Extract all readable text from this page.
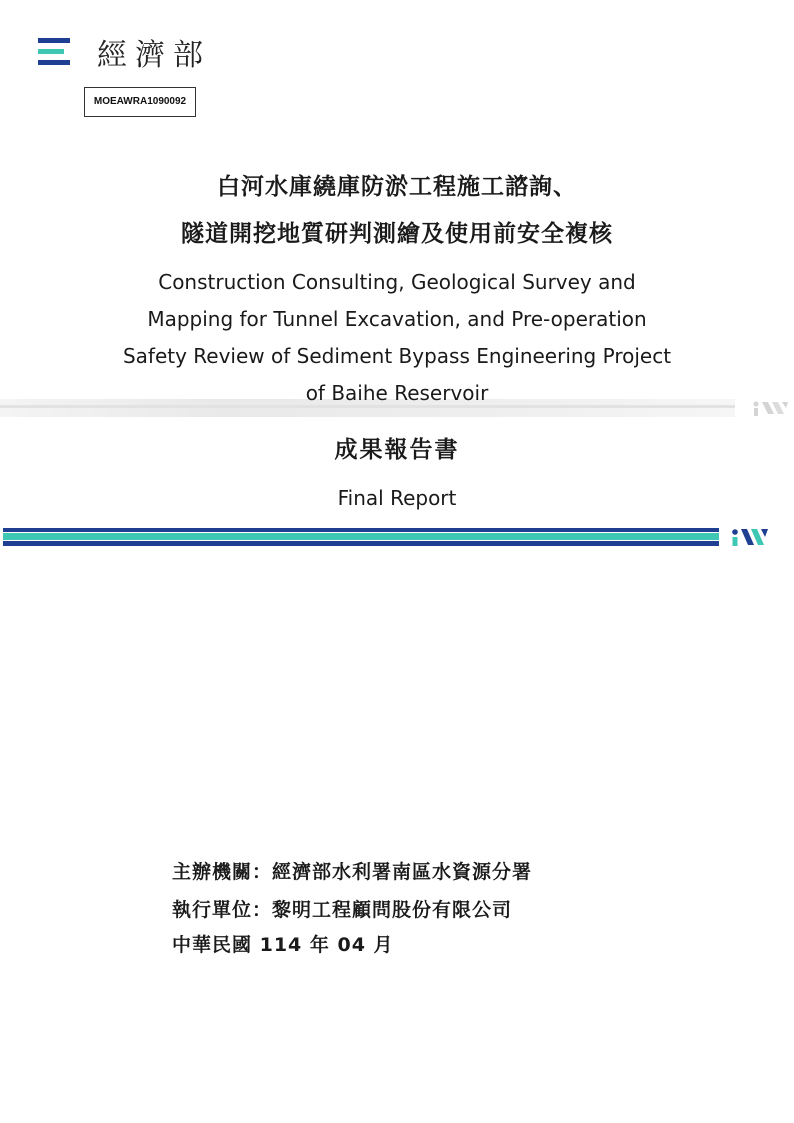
經濟部
MOEAWRA1090092
白河水庫繞庫防淤工程施工諮詢、
隧道開挖地質研判測繪及使用前安全複核
Construction Consulting, Geological Survey and
Mapping for Tunnel Excavation, and Pre-operation
Safety Review of Sediment Bypass Engineering Project
of Baihe Reservoir
成果報告書
Final Report
主辦機關：經濟部水利署南區水資源分署
執行單位：黎明工程顧問股份有限公司
中華民國 114 年 04 月
